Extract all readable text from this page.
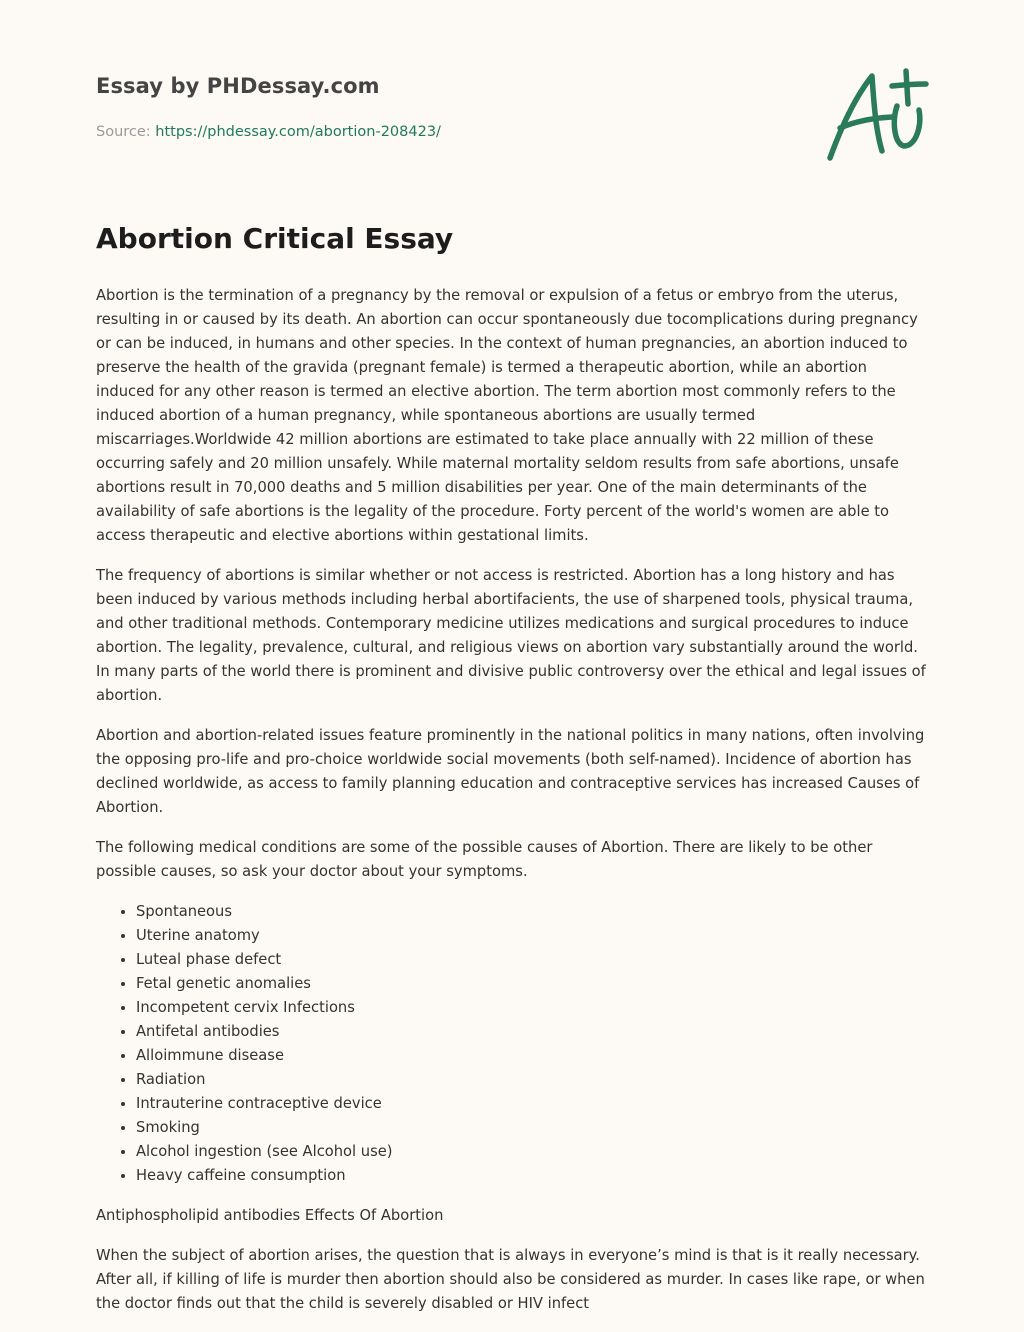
Essay by PHDessay.com
Source: https://phdessay.com/abortion-208423/
Abortion Critical Essay

Abortion is the termination of a pregnancy by the removal or expulsion of a fetus or embryo from the uterus, resulting in or caused by its death. An abortion can occur spontaneously due tocomplications during pregnancy or can be induced, in humans and other species. In the context of human pregnancies, an abortion induced to preserve the health of the gravida (pregnant female) is termed a therapeutic abortion, while an abortion induced for any other reason is termed an elective abortion. The term abortion most commonly refers to the induced abortion of a human pregnancy, while spontaneous abortions are usually termed miscarriages.Worldwide 42 million abortions are estimated to take place annually with 22 million of these occurring safely and 20 million unsafely. While maternal mortality seldom results from safe abortions, unsafe abortions result in 70,000 deaths and 5 million disabilities per year. One of the main determinants of the availability of safe abortions is the legality of the procedure. Forty percent of the world's women are able to access therapeutic and elective abortions within gestational limits.

The frequency of abortions is similar whether or not access is restricted. Abortion has a long history and has been induced by various methods including herbal abortifacients, the use of sharpened tools, physical trauma, and other traditional methods. Contemporary medicine utilizes medications and surgical procedures to induce abortion. The legality, prevalence, cultural, and religious views on abortion vary substantially around the world. In many parts of the world there is prominent and divisive public controversy over the ethical and legal issues of abortion.

Abortion and abortion-related issues feature prominently in the national politics in many nations, often involving the opposing pro-life and pro-choice worldwide social movements (both self-named). Incidence of abortion has declined worldwide, as access to family planning education and contraceptive services has increased Causes of Abortion.

The following medical conditions are some of the possible causes of Abortion. There are likely to be other possible causes, so ask your doctor about your symptoms.

• Spontaneous
• Uterine anatomy
• Luteal phase defect
• Fetal genetic anomalies
• Incompetent cervix Infections
• Antifetal antibodies
• Alloimmune disease
• Radiation
• Intrauterine contraceptive device
• Smoking
• Alcohol ingestion (see Alcohol use)
• Heavy caffeine consumption

Antiphospholipid antibodies Effects Of Abortion

When the subject of abortion arises, the question that is always in everyone’s mind is that is it really necessary. After all, if killing of life is murder then abortion should also be considered as murder. In cases like rape, or when the doctor finds out that the child is severely disabled or HIV infect
